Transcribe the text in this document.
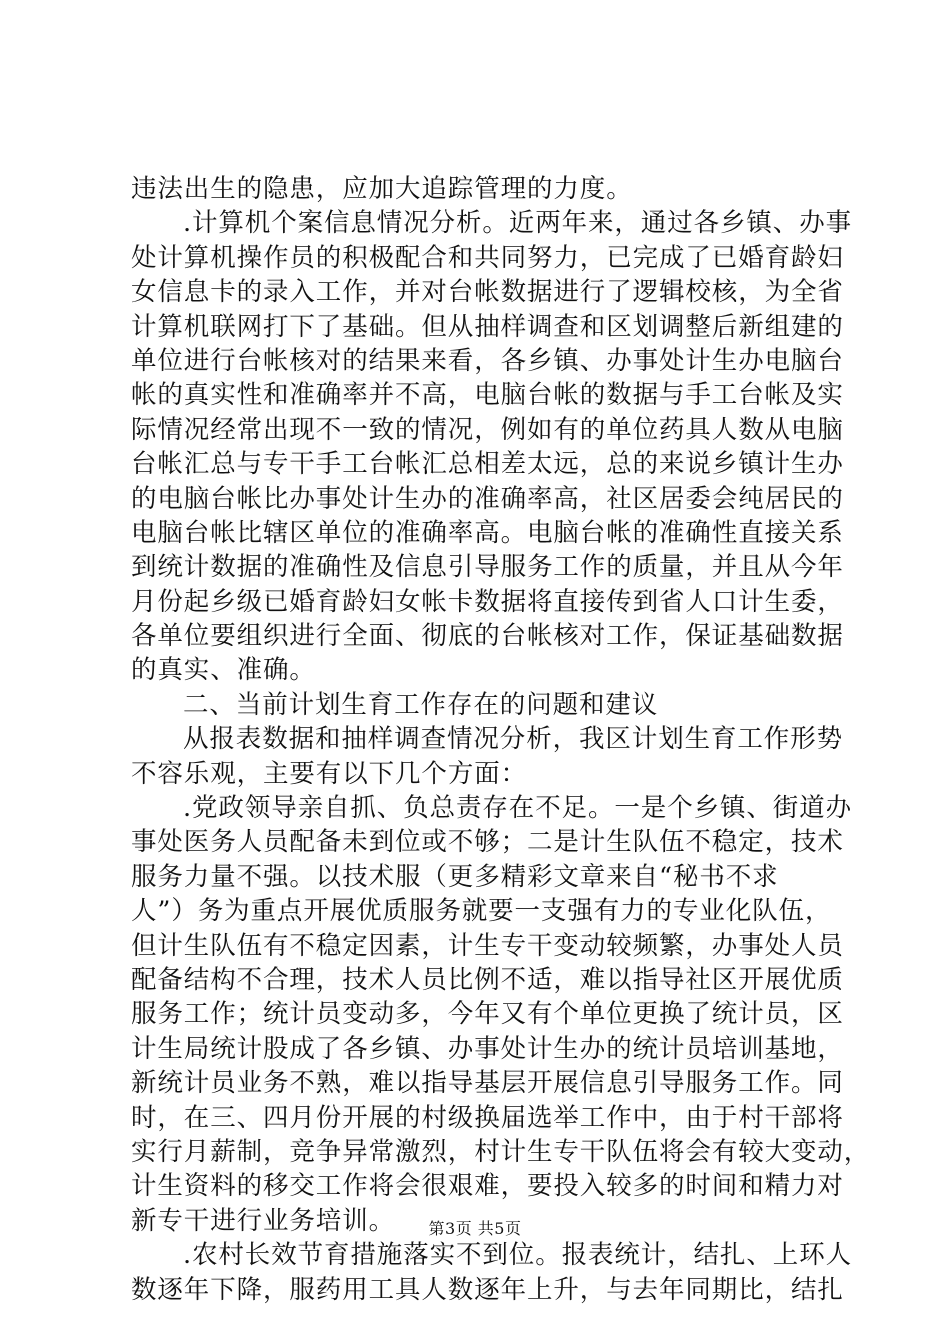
违法出生的隐患，应加大追踪管理的力度。
.计算机个案信息情况分析。近两年来，通过各乡镇、办事
处计算机操作员的积极配合和共同努力，已完成了已婚育龄妇
女信息卡的录入工作，并对台帐数据进行了逻辑校核，为全省
计算机联网打下了基础。但从抽样调查和区划调整后新组建的
单位进行台帐核对的结果来看，各乡镇、办事处计生办电脑台
帐的真实性和准确率并不高，电脑台帐的数据与手工台帐及实
际情况经常出现不一致的情况，例如有的单位药具人数从电脑
台帐汇总与专干手工台帐汇总相差太远，总的来说乡镇计生办
的电脑台帐比办事处计生办的准确率高，社区居委会纯居民的
电脑台帐比辖区单位的准确率高。电脑台帐的准确性直接关系
到统计数据的准确性及信息引导服务工作的质量，并且从今年
月份起乡级已婚育龄妇女帐卡数据将直接传到省人口计生委，
各单位要组织进行全面、彻底的台帐核对工作，保证基础数据
的真实、准确。
二、当前计划生育工作存在的问题和建议
从报表数据和抽样调查情况分析，我区计划生育工作形势
不容乐观，主要有以下几个方面：
.党政领导亲自抓、负总责存在不足。一是个乡镇、街道办
事处医务人员配备未到位或不够；二是计生队伍不稳定，技术
服务力量不强。以技术服（更多精彩文章来自“秘书不求
人”）务为重点开展优质服务就要一支强有力的专业化队伍，
但计生队伍有不稳定因素，计生专干变动较频繁，办事处人员
配备结构不合理，技术人员比例不适，难以指导社区开展优质
服务工作；统计员变动多，今年又有个单位更换了统计员，区
计生局统计股成了各乡镇、办事处计生办的统计员培训基地，
新统计员业务不熟，难以指导基层开展信息引导服务工作。同
时，在三、四月份开展的村级换届选举工作中，由于村干部将
实行月薪制，竞争异常激烈，村计生专干队伍将会有较大变动，
计生资料的移交工作将会很艰难，要投入较多的时间和精力对
新专干进行业务培训。
.农村长效节育措施落实不到位。报表统计，结扎、上环人
数逐年下降，服药用工具人数逐年上升，与去年同期比，结扎
第3页 共5页
